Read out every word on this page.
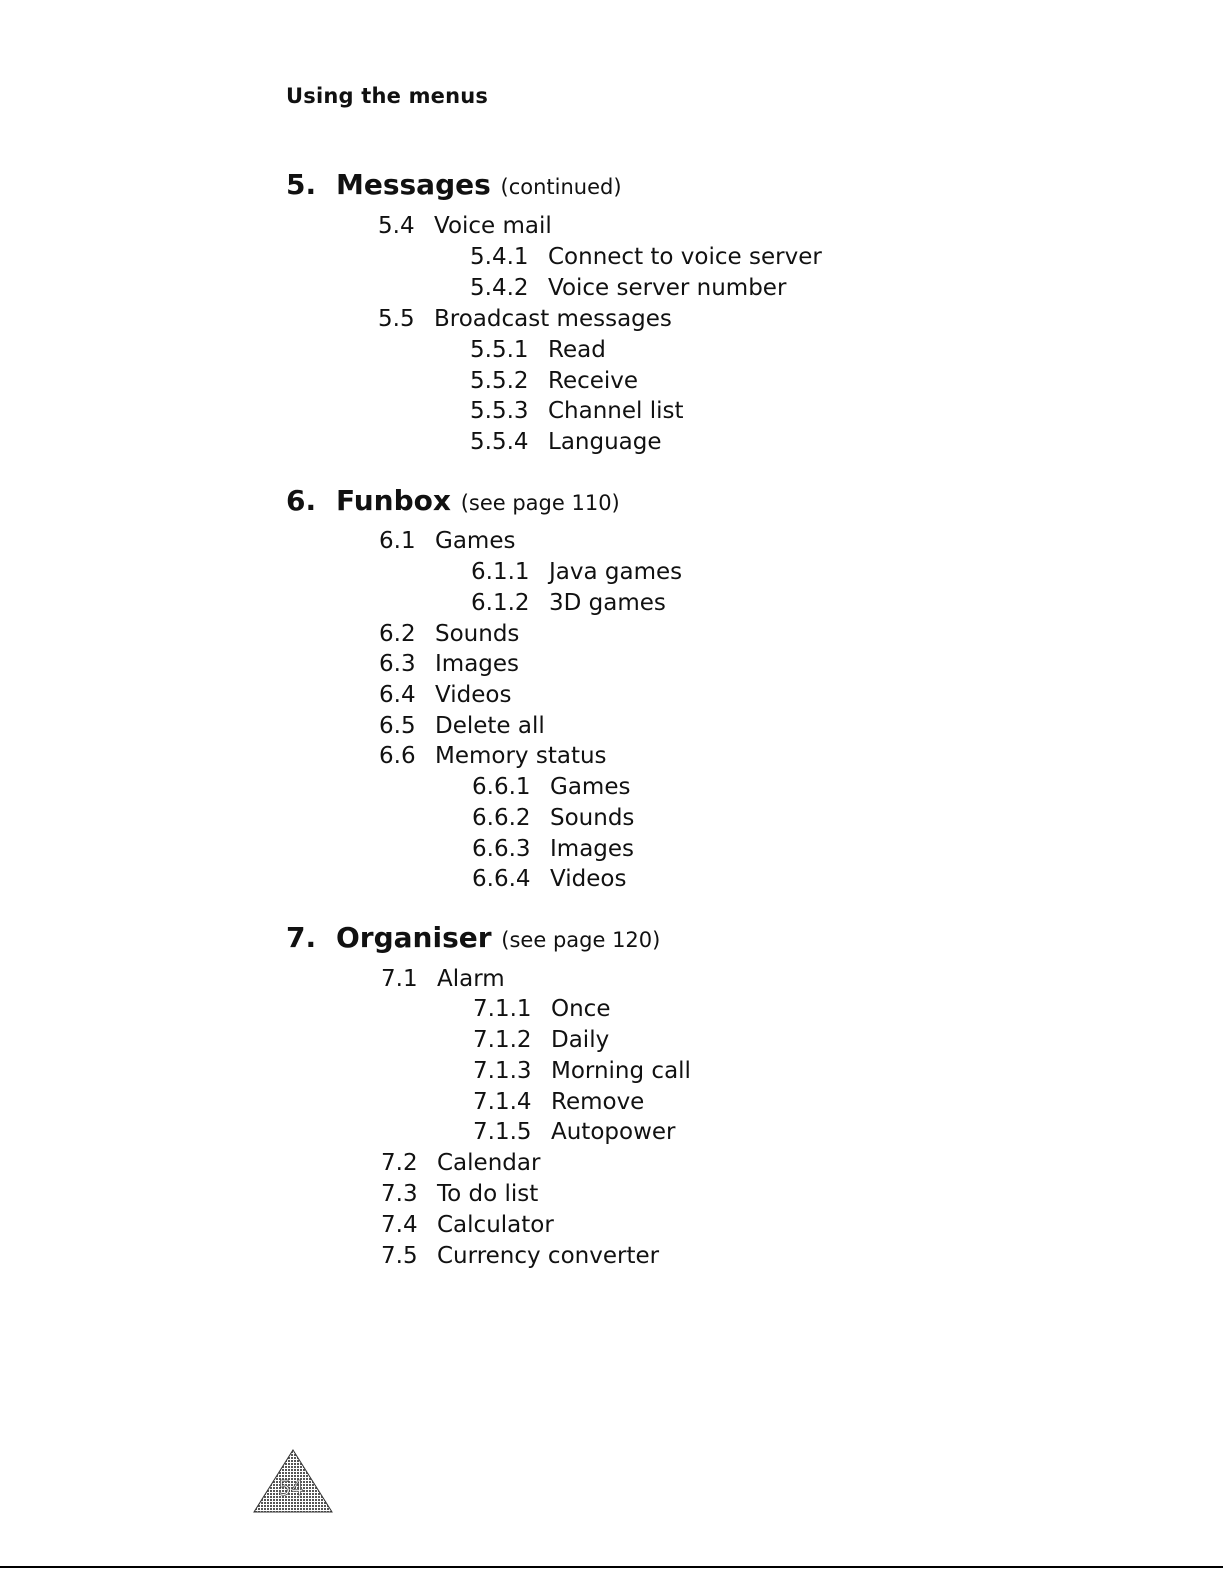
Using the menus
5. Messages (continued)
5.4 Voice mail
5.4.1 Connect to voice server
5.4.2 Voice server number
5.5 Broadcast messages
5.5.1 Read
5.5.2 Receive
5.5.3 Channel list
5.5.4 Language
6. Funbox (see page 110)
6.1 Games
6.1.1 Java games
6.1.2 3D games
6.2 Sounds
6.3 Images
6.4 Videos
6.5 Delete all
6.6 Memory status
6.6.1 Games
6.6.2 Sounds
6.6.3 Images
6.6.4 Videos
7. Organiser (see page 120)
7.1 Alarm
7.1.1 Once
7.1.2 Daily
7.1.3 Morning call
7.1.4 Remove
7.1.5 Autopower
7.2 Calendar
7.3 To do list
7.4 Calculator
7.5 Currency converter
54
